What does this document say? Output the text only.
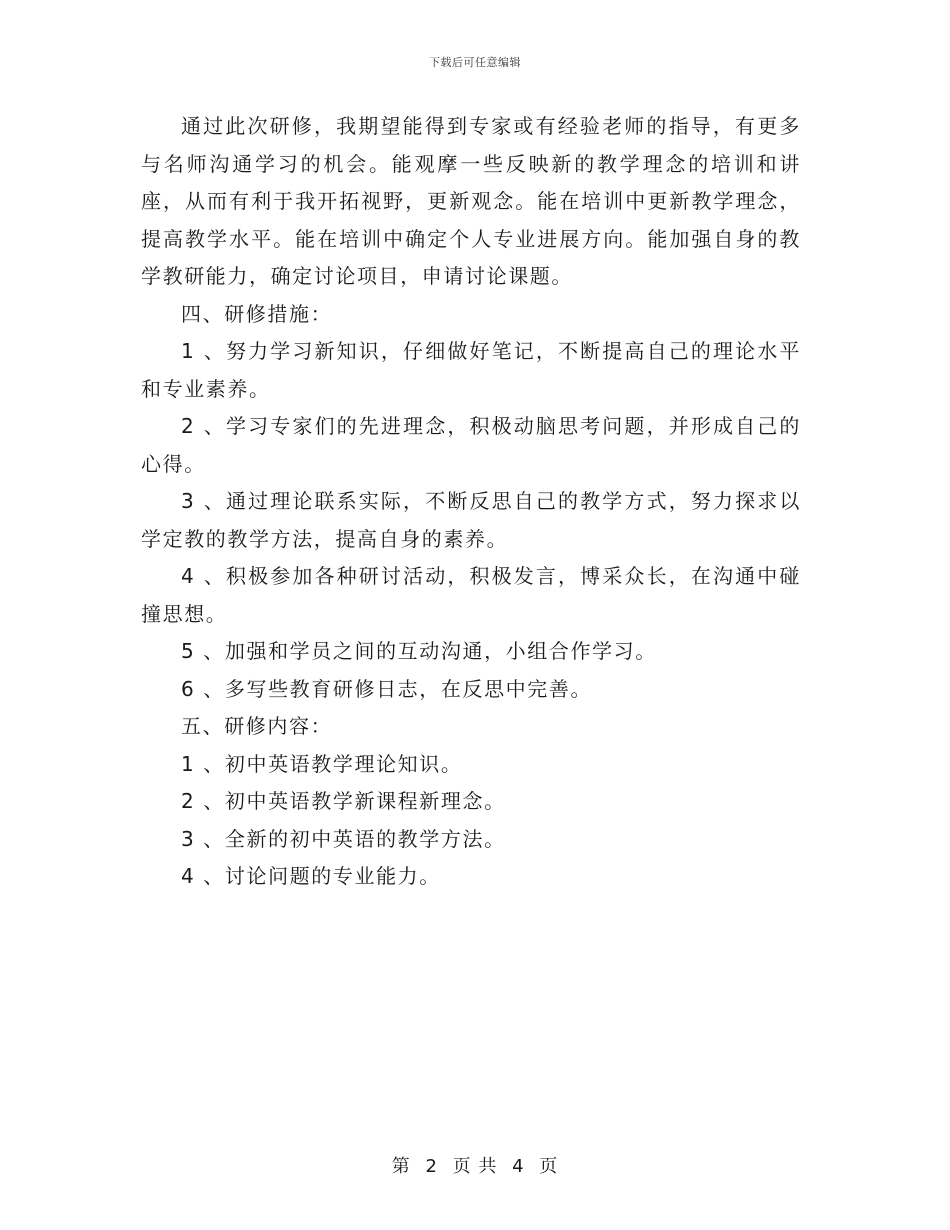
下载后可任意编辑

通过此次研修，我期望能得到专家或有经验老师的指导，有更多与名师沟通学习的机会。能观摩一些反映新的教学理念的培训和讲座，从而有利于我开拓视野，更新观念。能在培训中更新教学理念，提高教学水平。能在培训中确定个人专业进展方向。能加强自身的教学教研能力，确定讨论项目，申请讨论课题。

四、研修措施：

1 、努力学习新知识，仔细做好笔记，不断提高自己的理论水平和专业素养。

2 、学习专家们的先进理念，积极动脑思考问题，并形成自己的心得。

3 、通过理论联系实际，不断反思自己的教学方式，努力探求以学定教的教学方法，提高自身的素养。

4 、积极参加各种研讨活动，积极发言，博采众长，在沟通中碰撞思想。

5 、加强和学员之间的互动沟通，小组合作学习。

6 、多写些教育研修日志，在反思中完善。

五、研修内容：

1 、初中英语教学理论知识。

2 、初中英语教学新课程新理念。

3 、全新的初中英语的教学方法。

4 、讨论问题的专业能力。

第 2 页 共 4 页
